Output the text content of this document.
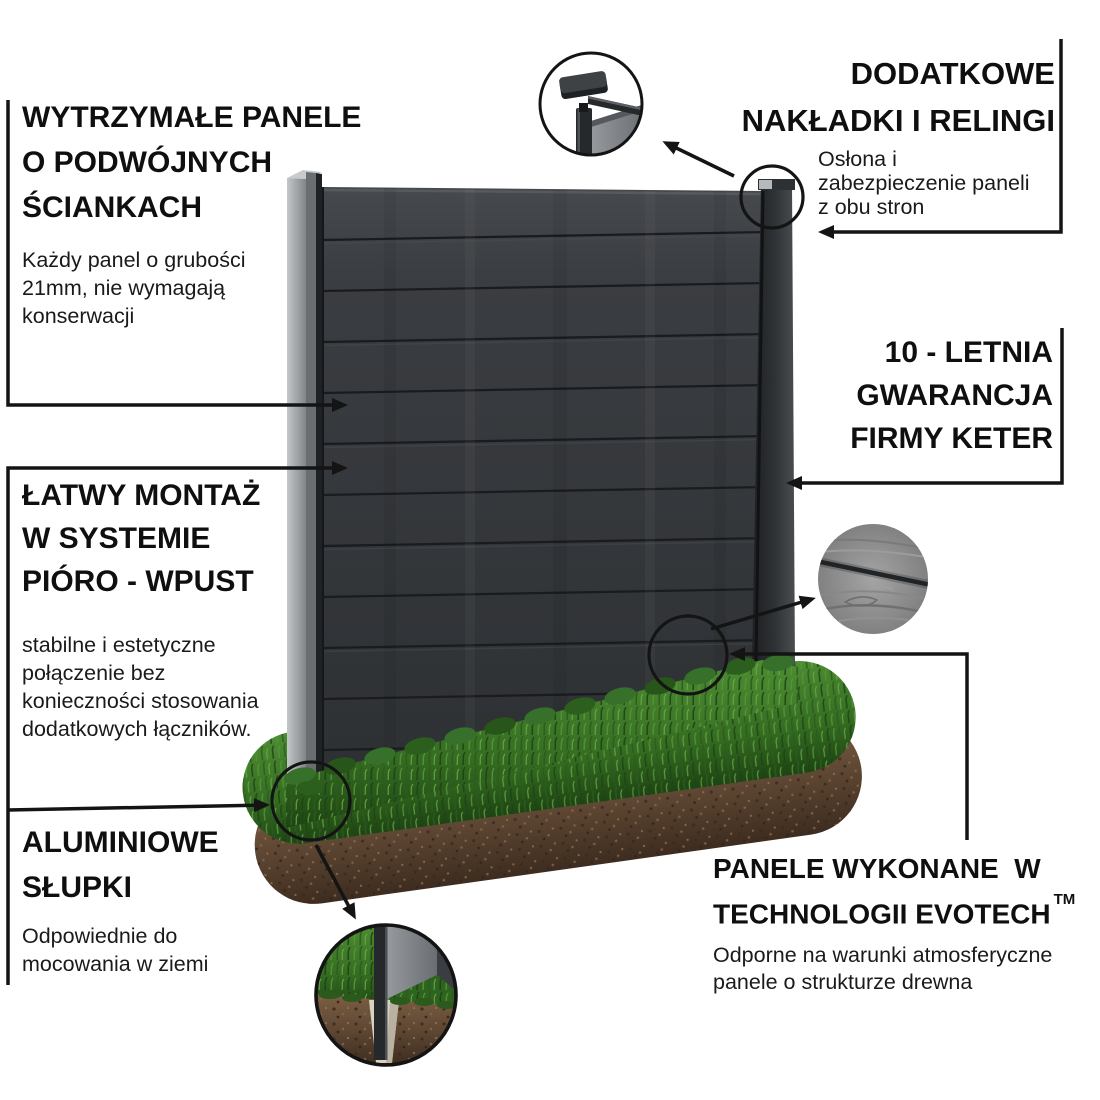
WYTRZYMAŁE PANELE
O PODWÓJNYCH
ŚCIANKACH
Każdy panel o grubości
21mm, nie wymagają
konserwacji
DODATKOWE
NAKŁADKI I RELINGI
Osłona i
zabezpieczenie paneli
z obu stron
10 - LETNIA
GWARANCJA
FIRMY KETER
ŁATWY MONTAŻ
W SYSTEMIE
PIÓRO - WPUST
stabilne i estetyczne
połączenie bez
konieczności stosowania
dodatkowych łączników.
ALUMINIOWE
SŁUPKI
Odpowiednie do
mocowania w ziemi
PANELE WYKONANE  W
TECHNOLOGII EVOTECH ™
Odporne na warunki atmosferyczne
panele o strukturze drewna
